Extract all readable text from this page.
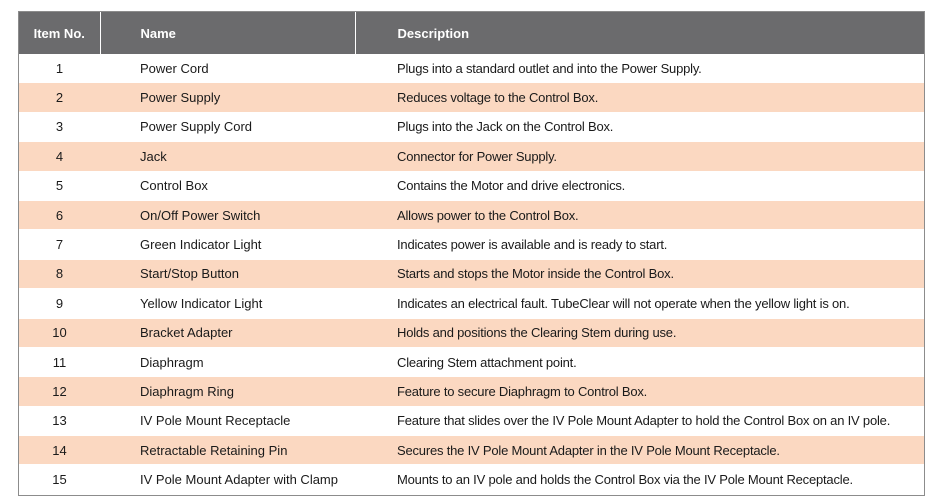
Item No.	Name	Description
1	Power Cord	Plugs into a standard outlet and into the Power Supply.
2	Power Supply	Reduces voltage to the Control Box.
3	Power Supply Cord	Plugs into the Jack on the Control Box.
4	Jack	Connector for Power Supply.
5	Control Box	Contains the Motor and drive electronics.
6	On/Off Power Switch	Allows power to the Control Box.
7	Green Indicator Light	Indicates power is available and is ready to start.
8	Start/Stop Button	Starts and stops the Motor inside the Control Box.
9	Yellow Indicator Light	Indicates an electrical fault. TubeClear will not operate when the yellow light is on.
10	Bracket Adapter	Holds and positions the Clearing Stem during use.
11	Diaphragm	Clearing Stem attachment point.
12	Diaphragm Ring	Feature to secure Diaphragm to Control Box.
13	IV Pole Mount Receptacle	Feature that slides over the IV Pole Mount Adapter to hold the Control Box on an IV pole.
14	Retractable Retaining Pin	Secures the IV Pole Mount Adapter in the IV Pole Mount Receptacle.
15	IV Pole Mount Adapter with Clamp	Mounts to an IV pole and holds the Control Box via the IV Pole Mount Receptacle.
